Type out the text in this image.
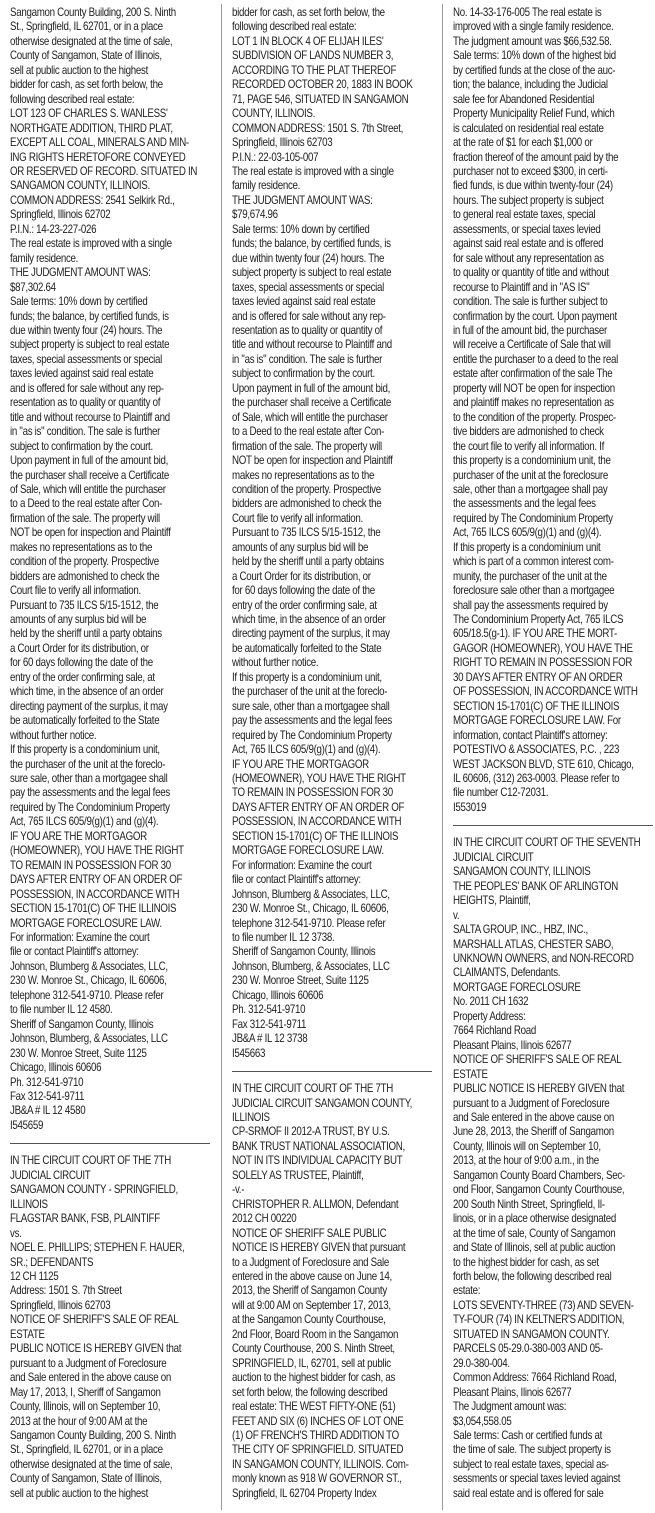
Sangamon County Building, 200 S. Ninth
St., Springfield, IL 62701, or in a place
otherwise designated at the time of sale,
County of Sangamon, State of Illinois,
sell at public auction to the highest
bidder for cash, as set forth below, the
following described real estate:
LOT 123 OF CHARLES S. WANLESS'
NORTHGATE ADDITION, THIRD PLAT,
EXCEPT ALL COAL, MINERALS AND MIN-
ING RIGHTS HERETOFORE CONVEYED
OR RESERVED OF RECORD. SITUATED IN
SANGAMON COUNTY, ILLINOIS.
COMMON ADDRESS: 2541 Selkirk Rd.,
Springfield, Illinois 62702
P.I.N.: 14-23-227-026
The real estate is improved with a single
family residence.
THE JUDGMENT AMOUNT WAS:
$87,302.64
Sale terms: 10% down by certified
funds; the balance, by certified funds, is
due within twenty four (24) hours. The
subject property is subject to real estate
taxes, special assessments or special
taxes levied against said real estate
and is offered for sale without any rep-
resentation as to quality or quantity of
title and without recourse to Plaintiff and
in "as is" condition. The sale is further
subject to confirmation by the court.
Upon payment in full of the amount bid,
the purchaser shall receive a Certificate
of Sale, which will entitle the purchaser
to a Deed to the real estate after Con-
firmation of the sale. The property will
NOT be open for inspection and Plaintiff
makes no representations as to the
condition of the property. Prospective
bidders are admonished to check the
Court file to verify all information.
Pursuant to 735 ILCS 5/15-1512, the
amounts of any surplus bid will be
held by the sheriff until a party obtains
a Court Order for its distribution, or
for 60 days following the date of the
entry of the order confirming sale, at
which time, in the absence of an order
directing payment of the surplus, it may
be automatically forfeited to the State
without further notice.
If this property is a condominium unit,
the purchaser of the unit at the foreclo-
sure sale, other than a mortgagee shall
pay the assessments and the legal fees
required by The Condominium Property
Act, 765 ILCS 605/9(g)(1) and (g)(4).
IF YOU ARE THE MORTGAGOR
(HOMEOWNER), YOU HAVE THE RIGHT
TO REMAIN IN POSSESSION FOR 30
DAYS AFTER ENTRY OF AN ORDER OF
POSSESSION, IN ACCORDANCE WITH
SECTION 15-1701(C) OF THE ILLINOIS
MORTGAGE FORECLOSURE LAW.
For information: Examine the court
file or contact Plaintiff's attorney:
Johnson, Blumberg & Associates, LLC,
230 W. Monroe St., Chicago, IL 60606,
telephone 312-541-9710. Please refer
to file number IL 12 4580.
Sheriff of Sangamon County, Illinois
Johnson, Blumberg, & Associates, LLC
230 W. Monroe Street, Suite 1125
Chicago, Illinois 60606
Ph. 312-541-9710
Fax 312-541-9711
JB&A # IL 12 4580
I545659
IN THE CIRCUIT COURT OF THE 7TH
JUDICIAL CIRCUIT
SANGAMON COUNTY - SPRINGFIELD,
ILLINOIS
FLAGSTAR BANK, FSB, PLAINTIFF
vs.
NOEL E. PHILLIPS; STEPHEN F. HAUER,
SR.; DEFENDANTS
12 CH 1125
Address: 1501 S. 7th Street
Springfield, Illinois 62703
NOTICE OF SHERIFF'S SALE OF REAL
ESTATE
PUBLIC NOTICE IS HEREBY GIVEN that
pursuant to a Judgment of Foreclosure
and Sale entered in the above cause on
May 17, 2013, I, Sheriff of Sangamon
County, Illinois, will on September 10,
2013 at the hour of 9:00 AM at the
Sangamon County Building, 200 S. Ninth
St., Springfield, IL 62701, or in a place
otherwise designated at the time of sale,
County of Sangamon, State of Illinois,
sell at public auction to the highest
bidder for cash, as set forth below, the
following described real estate:
LOT 1 IN BLOCK 4 OF ELIJAH ILES'
SUBDIVISION OF LANDS NUMBER 3,
ACCORDING TO THE PLAT THEREOF
RECORDED OCTOBER 20, 1883 IN BOOK
71, PAGE 546, SITUATED IN SANGAMON
COUNTY, ILLINOIS.
COMMON ADDRESS: 1501 S. 7th Street,
Springfield, Illinois 62703
P.I.N.: 22-03-105-007
The real estate is improved with a single
family residence.
THE JUDGMENT AMOUNT WAS:
$79,674.96
Sale terms: 10% down by certified
funds; the balance, by certified funds, is
due within twenty four (24) hours. The
subject property is subject to real estate
taxes, special assessments or special
taxes levied against said real estate
and is offered for sale without any rep-
resentation as to quality or quantity of
title and without recourse to Plaintiff and
in "as is" condition. The sale is further
subject to confirmation by the court.
Upon payment in full of the amount bid,
the purchaser shall receive a Certificate
of Sale, which will entitle the purchaser
to a Deed to the real estate after Con-
firmation of the sale. The property will
NOT be open for inspection and Plaintiff
makes no representations as to the
condition of the property. Prospective
bidders are admonished to check the
Court file to verify all information.
Pursuant to 735 ILCS 5/15-1512, the
amounts of any surplus bid will be
held by the sheriff until a party obtains
a Court Order for its distribution, or
for 60 days following the date of the
entry of the order confirming sale, at
which time, in the absence of an order
directing payment of the surplus, it may
be automatically forfeited to the State
without further notice.
If this property is a condominium unit,
the purchaser of the unit at the foreclo-
sure sale, other than a mortgagee shall
pay the assessments and the legal fees
required by The Condominium Property
Act, 765 ILCS 605/9(g)(1) and (g)(4).
IF YOU ARE THE MORTGAGOR
(HOMEOWNER), YOU HAVE THE RIGHT
TO REMAIN IN POSSESSION FOR 30
DAYS AFTER ENTRY OF AN ORDER OF
POSSESSION, IN ACCORDANCE WITH
SECTION 15-1701(C) OF THE ILLINOIS
MORTGAGE FORECLOSURE LAW.
For information: Examine the court
file or contact Plaintiff's attorney:
Johnson, Blumberg & Associates, LLC,
230 W. Monroe St., Chicago, IL 60606,
telephone 312-541-9710. Please refer
to file number IL 12 3738.
Sheriff of Sangamon County, Illinois
Johnson, Blumberg, & Associates, LLC
230 W. Monroe Street, Suite 1125
Chicago, Illinois 60606
Ph. 312-541-9710
Fax 312-541-9711
JB&A # IL 12 3738
I545663
IN THE CIRCUIT COURT OF THE 7TH
JUDICIAL CIRCUIT SANGAMON COUNTY,
ILLINOIS
CP-SRMOF II 2012-A TRUST, BY U.S.
BANK TRUST NATIONAL ASSOCIATION,
NOT IN ITS INDIVIDUAL CAPACITY BUT
SOLELY AS TRUSTEE, Plaintiff,
-v.-
CHRISTOPHER R. ALLMON, Defendant
2012 CH 00220
NOTICE OF SHERIFF SALE PUBLIC
NOTICE IS HEREBY GIVEN that pursuant
to a Judgment of Foreclosure and Sale
entered in the above cause on June 14,
2013, the Sheriff of Sangamon County
will at 9:00 AM on September 17, 2013,
at the Sangamon County Courthouse,
2nd Floor, Board Room in the Sangamon
County Courthouse, 200 S. Ninth Street,
SPRINGFIELD, IL, 62701, sell at public
auction to the highest bidder for cash, as
set forth below, the following described
real estate: THE WEST FIFTY-ONE (51)
FEET AND SIX (6) INCHES OF LOT ONE
(1) OF FRENCH'S THIRD ADDITION TO
THE CITY OF SPRINGFIELD. SITUATED
IN SANGAMON COUNTY, ILLINOIS. Com-
monly known as 918 W GOVERNOR ST.,
Springfield, IL 62704 Property Index
No. 14-33-176-005 The real estate is
improved with a single family residence.
The judgment amount was $66,532.58.
Sale terms: 10% down of the highest bid
by certified funds at the close of the auc-
tion; the balance, including the Judicial
sale fee for Abandoned Residential
Property Municipality Relief Fund, which
is calculated on residential real estate
at the rate of $1 for each $1,000 or
fraction thereof of the amount paid by the
purchaser not to exceed $300, in certi-
fied funds, is due within twenty-four (24)
hours. The subject property is subject
to general real estate taxes, special
assessments, or special taxes levied
against said real estate and is offered
for sale without any representation as
to quality or quantity of title and without
recourse to Plaintiff and in "AS IS"
condition. The sale is further subject to
confirmation by the court. Upon payment
in full of the amount bid, the purchaser
will receive a Certificate of Sale that will
entitle the purchaser to a deed to the real
estate after confirmation of the sale The
property will NOT be open for inspection
and plaintiff makes no representation as
to the condition of the property. Prospec-
tive bidders are admonished to check
the court file to verify all information. If
this property is a condominium unit, the
purchaser of the unit at the foreclosure
sale, other than a mortgagee shall pay
the assessments and the legal fees
required by The Condominium Property
Act, 765 ILCS 605/9(g)(1) and (g)(4).
If this property is a condominium unit
which is part of a common interest com-
munity, the purchaser of the unit at the
foreclosure sale other than a mortgagee
shall pay the assessments required by
The Condominium Property Act, 765 ILCS
605/18.5(g-1). IF YOU ARE THE MORT-
GAGOR (HOMEOWNER), YOU HAVE THE
RIGHT TO REMAIN IN POSSESSION FOR
30 DAYS AFTER ENTRY OF AN ORDER
OF POSSESSION, IN ACCORDANCE WITH
SECTION 15-1701(C) OF THE ILLINOIS
MORTGAGE FORECLOSURE LAW. For
information, contact Plaintiff's attorney:
POTESTIVO & ASSOCIATES, P.C. , 223
WEST JACKSON BLVD, STE 610, Chicago,
IL 60606, (312) 263-0003. Please refer to
file number C12-72031.
I553019
IN THE CIRCUIT COURT OF THE SEVENTH
JUDICIAL CIRCUIT
SANGAMON COUNTY, ILLINOIS
THE PEOPLES' BANK OF ARLINGTON
HEIGHTS, Plaintiff,
v.
SALTA GROUP, INC., HBZ, INC.,
MARSHALL ATLAS, CHESTER SABO,
UNKNOWN OWNERS, and NON-RECORD
CLAIMANTS, Defendants.
MORTGAGE FORECLOSURE
No. 2011 CH 1632
Property Address:
7664 Richland Road
Pleasant Plains, Ilinois 62677
NOTICE OF SHERIFF'S SALE OF REAL
ESTATE
PUBLIC NOTICE IS HEREBY GIVEN that
pursuant to a Judgment of Foreclosure
and Sale entered in the above cause on
June 28, 2013, the Sheriff of Sangamon
County, Illinois will on September 10,
2013, at the hour of 9:00 a.m., in the
Sangamon County Board Chambers, Sec-
ond Floor, Sangamon County Courthouse,
200 South Ninth Street, Springfield, Il-
linois, or in a place otherwise designated
at the time of sale, County of Sangamon
and State of Illinois, sell at public auction
to the highest bidder for cash, as set
forth below, the following described real
estate:
LOTS SEVENTY-THREE (73) AND SEVEN-
TY-FOUR (74) IN KELTNER'S ADDITION,
SITUATED IN SANGAMON COUNTY.
PARCELS 05-29.0-380-003 AND 05-
29.0-380-004.
Common Address: 7664 Richland Road,
Pleasant Plains, Ilinois 62677
The Judgment amount was:
$3,054,558.05
Sale terms: Cash or certified funds at
the time of sale. The subject property is
subject to real estate taxes, special as-
sessments or special taxes levied against
said real estate and is offered for sale
